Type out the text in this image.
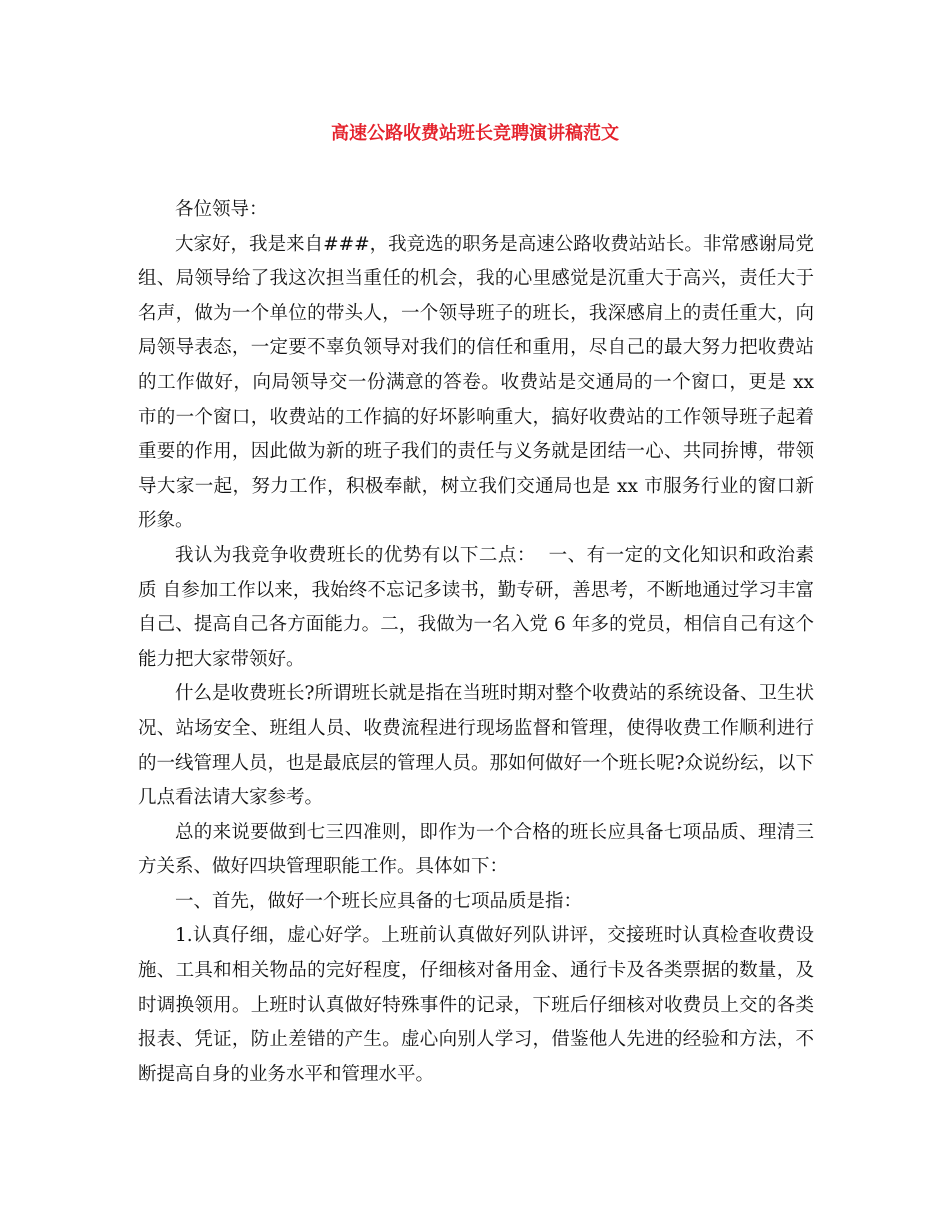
高速公路收费站班长竞聘演讲稿范文

各位领导：

大家好，我是来自###，我竞选的职务是高速公路收费站站长。非常感谢局党组、局领导给了我这次担当重任的机会，我的心里感觉是沉重大于高兴，责任大于名声，做为一个单位的带头人，一个领导班子的班长，我深感肩上的责任重大，向局领导表态，一定要不辜负领导对我们的信任和重用，尽自己的最大努力把收费站的工作做好，向局领导交一份满意的答卷。收费站是交通局的一个窗口，更是 xx 市的一个窗口，收费站的工作搞的好坏影响重大，搞好收费站的工作领导班子起着重要的作用，因此做为新的班子我们的责任与义务就是团结一心、共同拚博，带领导大家一起，努力工作，积极奉献，树立我们交通局也是 xx 市服务行业的窗口新形象。

我认为我竞争收费班长的优势有以下二点：  一、有一定的文化知识和政治素质 自参加工作以来，我始终不忘记多读书，勤专研，善思考，不断地通过学习丰富自己、提高自己各方面能力。二，我做为一名入党 6 年多的党员，相信自己有这个能力把大家带领好。

什么是收费班长?所谓班长就是指在当班时期对整个收费站的系统设备、卫生状况、站场安全、班组人员、收费流程进行现场监督和管理，使得收费工作顺利进行的一线管理人员，也是最底层的管理人员。那如何做好一个班长呢?众说纷纭，以下几点看法请大家参考。

总的来说要做到七三四准则，即作为一个合格的班长应具备七项品质、理清三方关系、做好四块管理职能工作。具体如下：

一、首先，做好一个班长应具备的七项品质是指：

1.认真仔细，虚心好学。上班前认真做好列队讲评，交接班时认真检查收费设施、工具和相关物品的完好程度，仔细核对备用金、通行卡及各类票据的数量，及时调换领用。上班时认真做好特殊事件的记录，下班后仔细核对收费员上交的各类报表、凭证，防止差错的产生。虚心向别人学习，借鉴他人先进的经验和方法，不断提高自身的业务水平和管理水平。
